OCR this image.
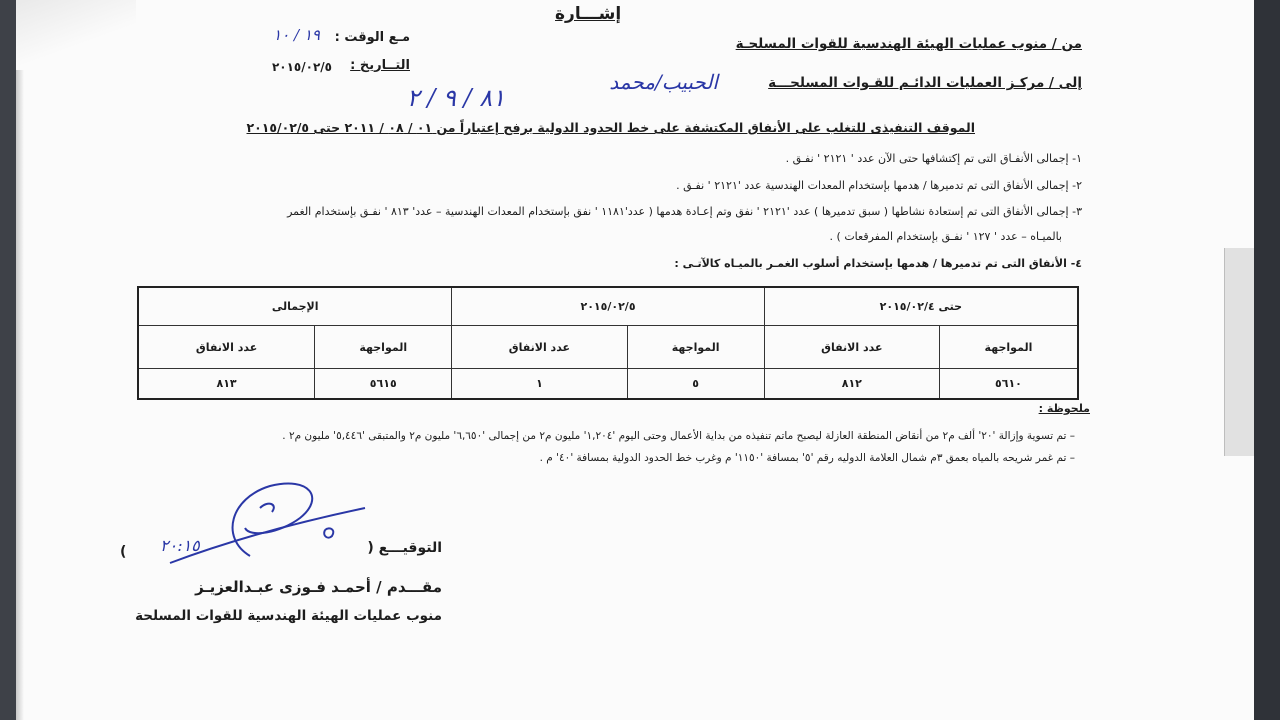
إشـــارة
من / منوب عمليات الهيئة الهندسية للقوات المسلحـة
إلى / مركـز العمليات الدائـم للقـوات المسلحـــة
مـع الوقت :
١٩ / ١٠
التــاريخ :
٢٠١٥/٠٢/٥
الحبيب/محمد
٨١ / ٩ / ٢
الموقف التنفيذى للتغلب على الأنفاق المكتشفة على خط الحدود الدولية برفح إعتباراً من ٠١ / ٠٨ / ٢٠١١ حتى ٢٠١٥/٠٢/٥
١- إجمالى الأنفـاق التى تم إكتشافها حتى الآن عدد ' ٢١٢١ ' نفـق .
٢- إجمالى الأنفاق التى تم تدميرها / هدمها بإستخدام المعدات الهندسية عدد '٢١٢١ ' نفـق .
٣- إجمالى الأنفاق التى تم إستعادة نشاطها ( سبق تدميرها ) عدد '٢١٢١ ' نفق وتم إعـادة هدمها ( عدد'١١٨١ ' نفق بإستخدام المعدات الهندسية – عدد' ٨١٣ ' نفـق بإستخدام الغمر
بالميـاه – عدد ' ١٢٧ ' نفـق بإستخدام المفرقعات ) .
٤- الأنفاق التى تم تدميرها / هدمها بإستخدام أسلوب الغمـر بالميـاه كالآتـى :
حتى ٢٠١٥/٠٢/٤		٢٠١٥/٠٢/٥		الإجمالى	
المواجهة	عدد الانفاق	المواجهة	عدد الانفاق	المواجهة	عدد الانفاق
٥٦١٠	٨١٢	٥	١	٥٦١٥	٨١٣
ملحوظة :
– تم تسوية وإزالة '٢٠' ألف م٢ من أنقاض المنطقة العازلة ليصبح ماتم تنفيذه من بداية الأعمال وحتى اليوم '١,٢٠٤' مليون م٢ من إجمالى '٦,٦٥٠' مليون م٢ والمتبقى '٥,٤٤٦' مليون م٢ .
– تم غمر شريحه بالمياه بعمق ٣م شمال العلامة الدوليه رقم '٥' بمسافة '١١٥٠' م وغرب خط الحدود الدولية بمسافة '٤٠' م .
٢٠:١٥	التوقيـــع (
)
مقـــدم / أحمـد فـوزى عبـدالعزيـز
منوب عمليات الهيئة الهندسية للقوات المسلحة
